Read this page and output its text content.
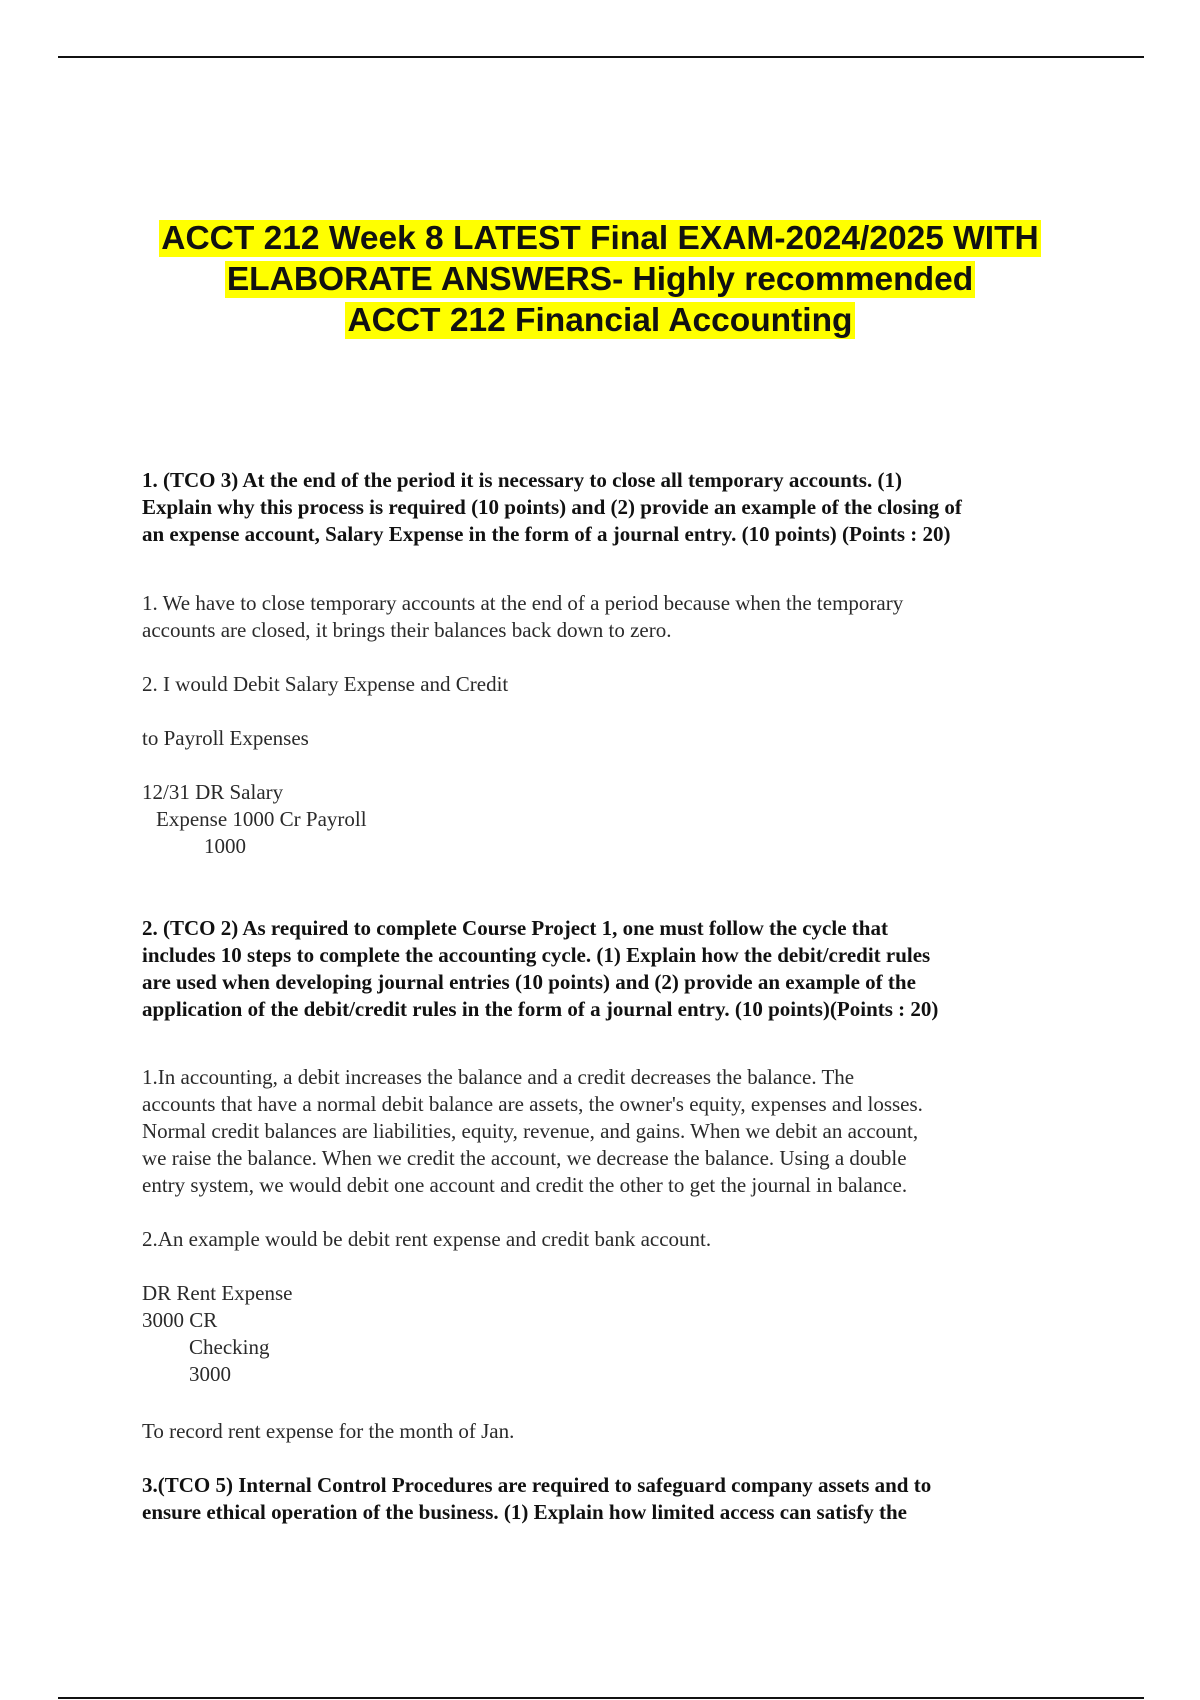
ACCT 212 Week 8 LATEST Final EXAM-2024/2025 WITH
ELABORATE ANSWERS- Highly recommended
ACCT 212 Financial Accounting
1. (TCO 3) At the end of the period it is necessary to close all temporary accounts. (1)
Explain why this process is required (10 points) and (2) provide an example of the closing of
an expense account, Salary Expense in the form of a journal entry. (10 points) (Points : 20)
1. We have to close temporary accounts at the end of a period because when the temporary
accounts are closed, it brings their balances back down to zero.
2. I would Debit Salary Expense and Credit
to Payroll Expenses
12/31 DR Salary
Expense 1000 Cr Payroll
1000
2. (TCO 2) As required to complete Course Project 1, one must follow the cycle that
includes 10 steps to complete the accounting cycle. (1) Explain how the debit/credit rules
are used when developing journal entries (10 points) and (2) provide an example of the
application of the debit/credit rules in the form of a journal entry. (10 points)(Points : 20)
1.In accounting, a debit increases the balance and a credit decreases the balance. The
accounts that have a normal debit balance are assets, the owner's equity, expenses and losses.
Normal credit balances are liabilities, equity, revenue, and gains. When we debit an account,
we raise the balance. When we credit the account, we decrease the balance. Using a double
entry system, we would debit one account and credit the other to get the journal in balance.
2.An example would be debit rent expense and credit bank account.
DR Rent Expense
3000 CR
Checking
3000
To record rent expense for the month of Jan.
3.(TCO 5) Internal Control Procedures are required to safeguard company assets and to
ensure ethical operation of the business. (1) Explain how limited access can satisfy the
